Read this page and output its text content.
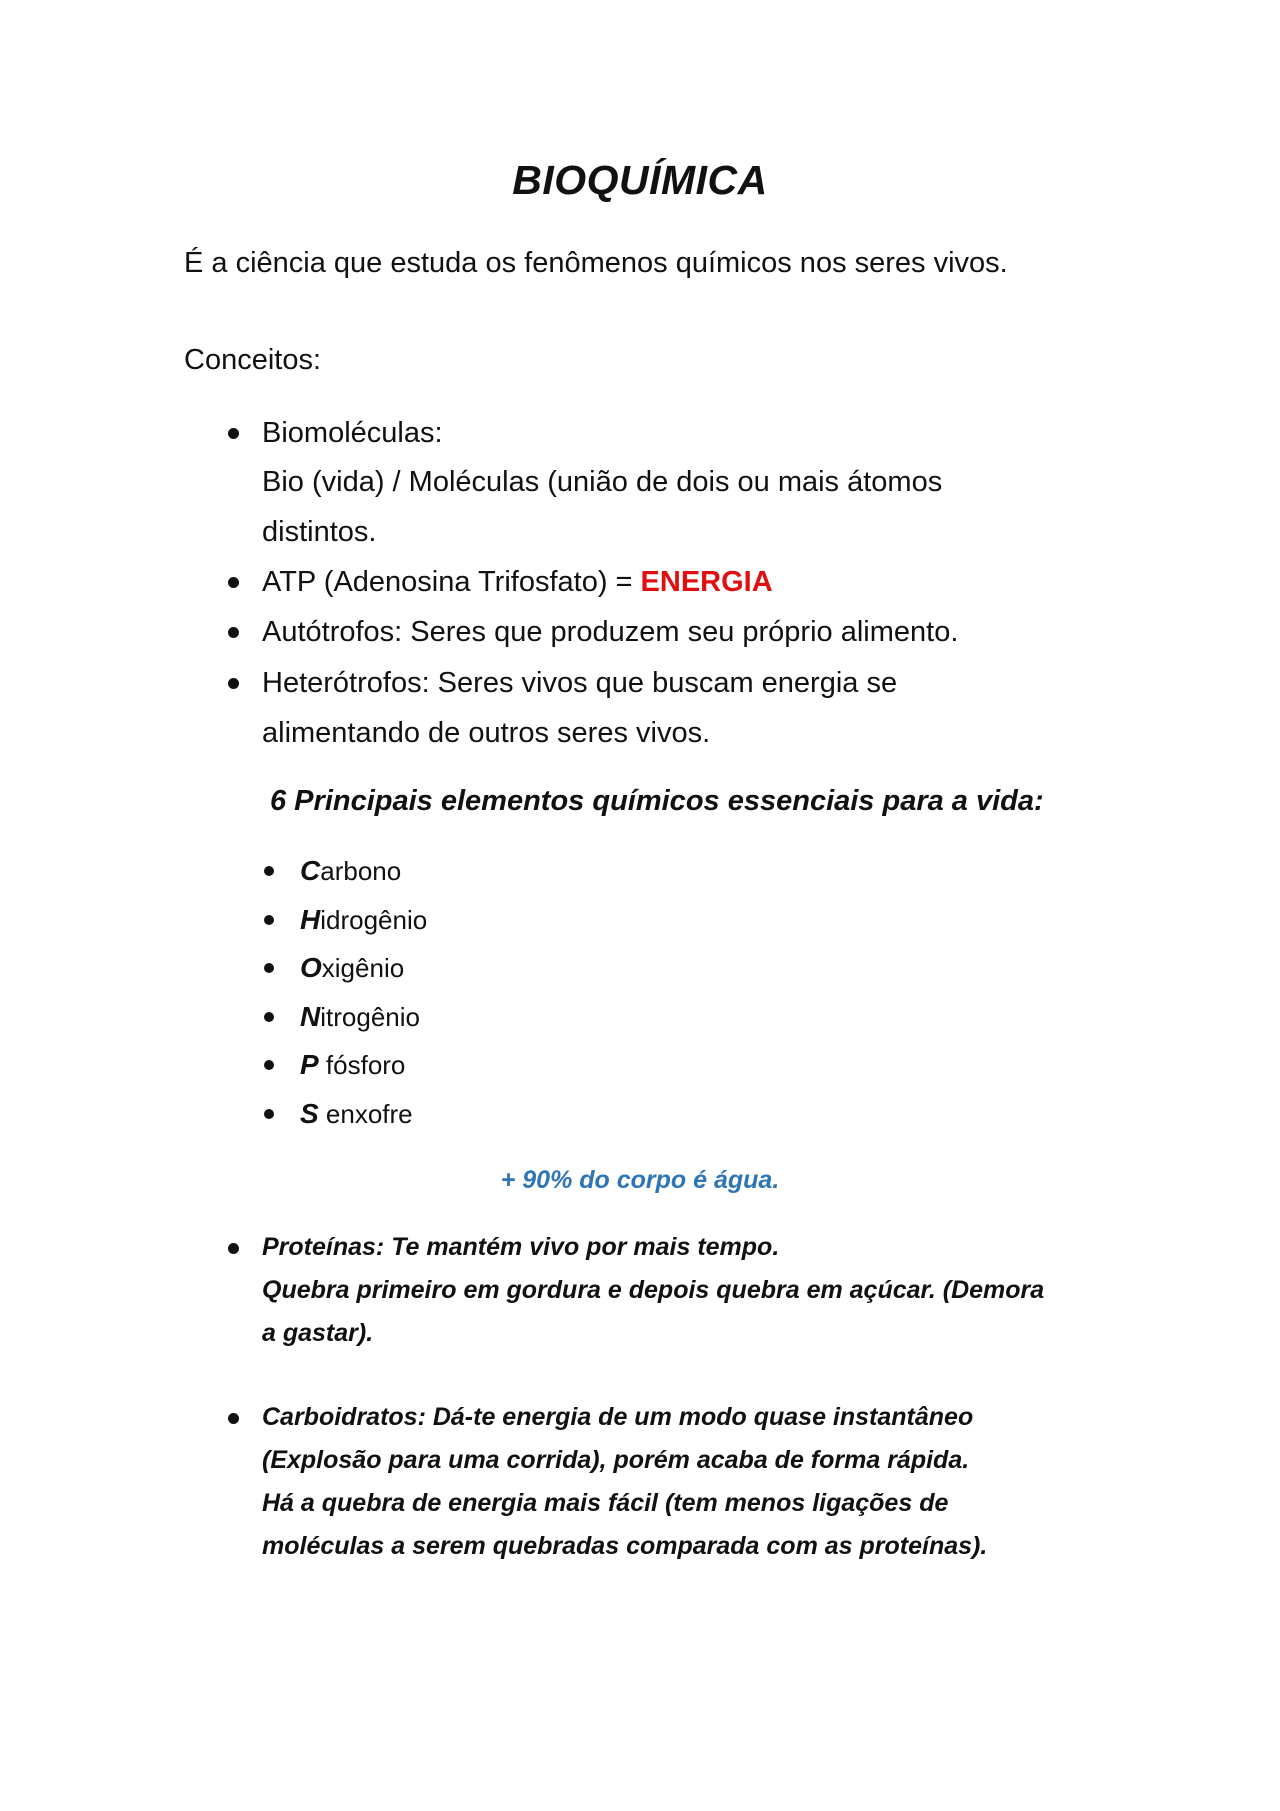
BIOQUÍMICA
É a ciência que estuda os fenômenos químicos nos seres vivos.
Conceitos:
Biomoléculas:
Bio (vida) / Moléculas (união de dois ou mais átomos
distintos.
ATP (Adenosina Trifosfato) = ENERGIA
Autótrofos: Seres que produzem seu próprio alimento.
Heterótrofos: Seres vivos que buscam energia se
alimentando de outros seres vivos.
6 Principais elementos químicos essenciais para a vida:
Carbono
Hidrogênio
Oxigênio
Nitrogênio
P fósforo
S enxofre
+ 90% do corpo é água.
Proteínas: Te mantém vivo por mais tempo.
Quebra primeiro em gordura e depois quebra em açúcar. (Demora
a gastar).
Carboidratos: Dá-te energia de um modo quase instantâneo
(Explosão para uma corrida), porém acaba de forma rápida.
Há a quebra de energia mais fácil (tem menos ligações de
moléculas a serem quebradas comparada com as proteínas).
